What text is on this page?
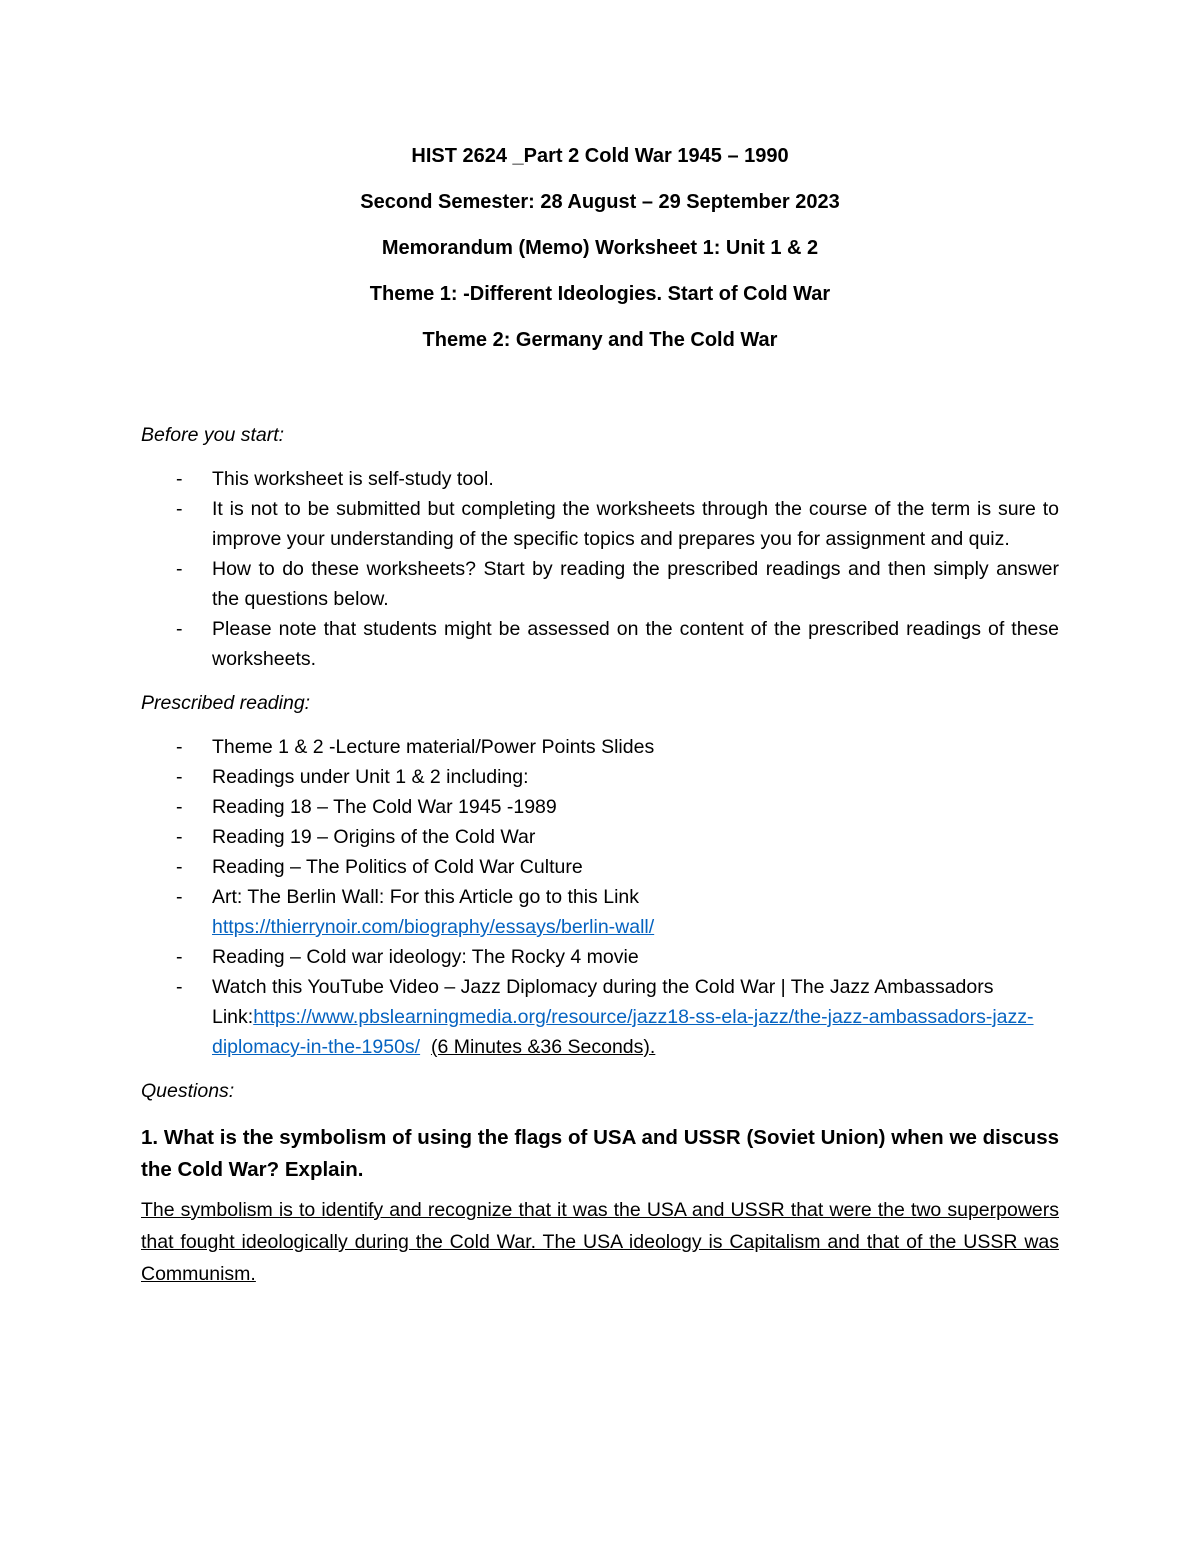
HIST 2624 _Part 2 Cold War 1945 – 1990
Second Semester: 28 August – 29 September 2023
Memorandum (Memo) Worksheet 1: Unit 1 & 2
Theme 1: -Different Ideologies. Start of Cold War
Theme 2: Germany and The Cold War

Before you start:

- This worksheet is self-study tool.
- It is not to be submitted but completing the worksheets through the course of the term is sure to improve your understanding of the specific topics and prepares you for assignment and quiz.
- How to do these worksheets? Start by reading the prescribed readings and then simply answer the questions below.
- Please note that students might be assessed on the content of the prescribed readings of these worksheets.

Prescribed reading:

- Theme 1 & 2 -Lecture material/Power Points Slides
- Readings under Unit 1 & 2 including:
- Reading 18 – The Cold War 1945 -1989
- Reading 19 – Origins of the Cold War
- Reading – The Politics of Cold War Culture
- Art: The Berlin Wall: For this Article go to this Link
https://thierrynoir.com/biography/essays/berlin-wall/
- Reading – Cold war ideology: The Rocky 4 movie
- Watch this YouTube Video – Jazz Diplomacy during the Cold War | The Jazz Ambassadors
Link:https://www.pbslearningmedia.org/resource/jazz18-ss-ela-jazz/the-jazz-ambassadors-jazz-diplomacy-in-the-1950s/ (6 Minutes &36 Seconds).

Questions:

1. What is the symbolism of using the flags of USA and USSR (Soviet Union) when we discuss the Cold War? Explain.

The symbolism is to identify and recognize that it was the USA and USSR that were the two superpowers that fought ideologically during the Cold War. The USA ideology is Capitalism and that of the USSR was Communism.
